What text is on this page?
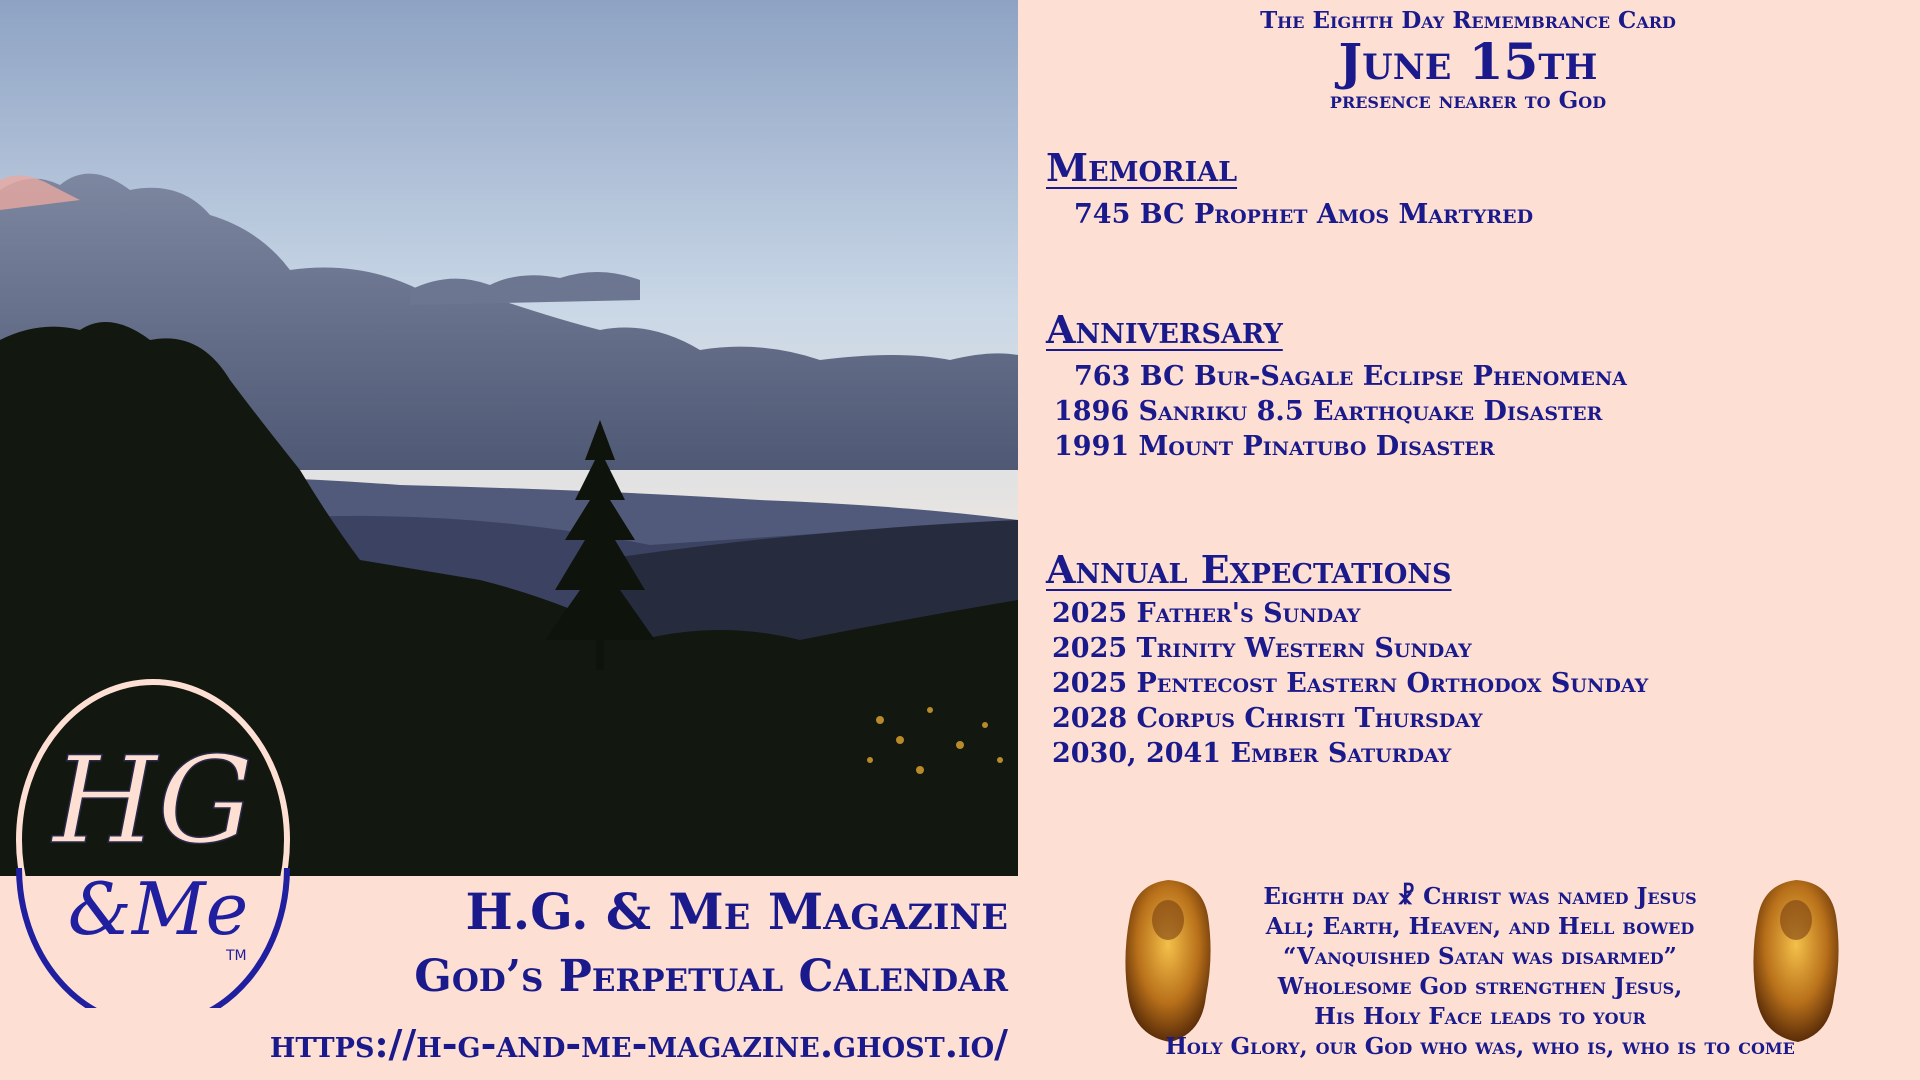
The Eighth Day Remembrance Card
June 15th
presence nearer to God
Memorial
745 BC Prophet Amos Martyred
Anniversary
763 BC Bur-Sagale Eclipse Phenomena
1896 Sanriku 8.5 Earthquake Disaster
1991 Mount Pinatubo Disaster
Annual Expectations
2025 Father's Sunday
2025 Trinity Western Sunday
2025 Pentecost Eastern Orthodox Sunday
2028 Corpus Christi Thursday
2030, 2041 Ember Saturday
H.G. & Me Magazine
God’s Perpetual Calendar
https://h-g-and-me-magazine.ghost.io/
HG
&Me
TM
Eighth day ☧ Christ was named Jesus
All; Earth, Heaven, and Hell bowed
“Vanquished Satan was disarmed”
Wholesome God strengthen Jesus,
His Holy Face leads to your
Holy Glory, our God who was, who is, who is to come
